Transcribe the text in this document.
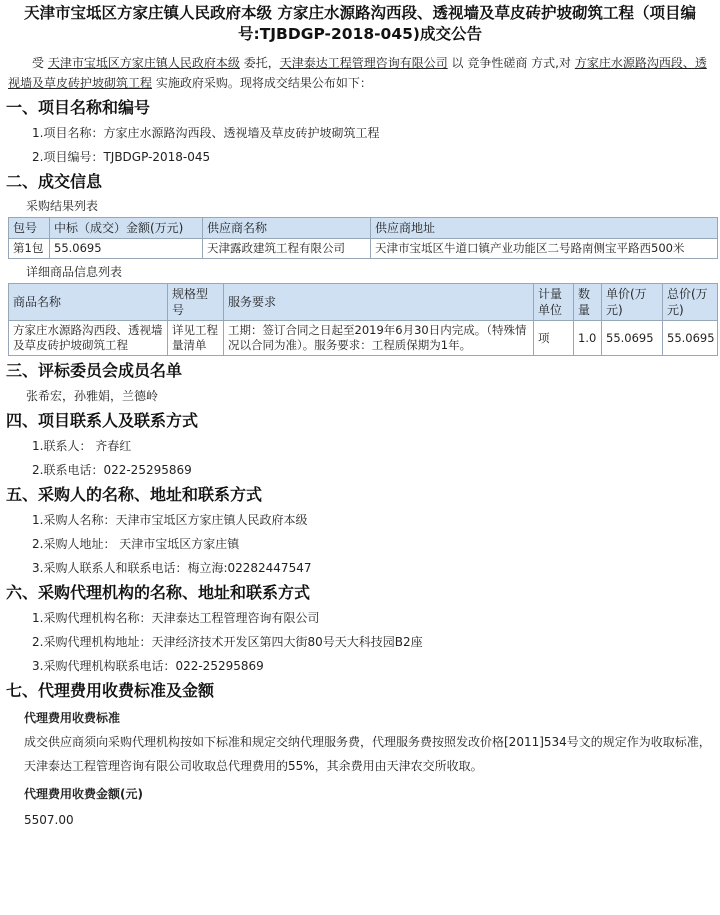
天津市宝坻区方家庄镇人民政府本级 方家庄水源路沟西段、透视墙及草皮砖护坡砌筑工程（项目编号:TJBDGP-2018-045)成交公告
受 天津市宝坻区方家庄镇人民政府本级 委托，天津泰达工程管理咨询有限公司 以 竞争性磋商 方式,对 方家庄水源路沟西段、透视墙及草皮砖护坡砌筑工程 实施政府采购。现将成交结果公布如下：
一、项目名称和编号
1.项目名称：方家庄水源路沟西段、透视墙及草皮砖护坡砌筑工程
2.项目编号：TJBDGP-2018-045
二、成交信息
采购结果列表
包号	中标（成交）金额(万元)	供应商名称	供应商地址
第1包	55.0695	天津露政建筑工程有限公司	天津市宝坻区牛道口镇产业功能区二号路南侧宝平路西500米
详细商品信息列表
商品名称	规格型号	服务要求	计量单位	数量	单价(万元)	总价(万元)
方家庄水源路沟西段、透视墙及草皮砖护坡砌筑工程	详见工程量清单	工期：签订合同之日起至2019年6月30日内完成。（特殊情况以合同为准）。服务要求：工程质保期为1年。	项	1.0	55.0695	55.0695
三、评标委员会成员名单
张希宏，孙雅娟，兰德岭
四、项目联系人及联系方式
1.联系人： 齐春红
2.联系电话：022-25295869
五、采购人的名称、地址和联系方式
1.采购人名称：天津市宝坻区方家庄镇人民政府本级
2.采购人地址： 天津市宝坻区方家庄镇
3.采购人联系人和联系电话：梅立海:02282447547
六、采购代理机构的名称、地址和联系方式
1.采购代理机构名称：天津泰达工程管理咨询有限公司
2.采购代理机构地址：天津经济技术开发区第四大街80号天大科技园B2座
3.采购代理机构联系电话：022-25295869
七、代理费用收费标准及金额
代理费用收费标准
成交供应商须向采购代理机构按如下标准和规定交纳代理服务费，代理服务费按照发改价格[2011]534号文的规定作为收取标准，天津泰达工程管理咨询有限公司收取总代理费用的55%，其余费用由天津农交所收取。
代理费用收费金额(元)
5507.00
